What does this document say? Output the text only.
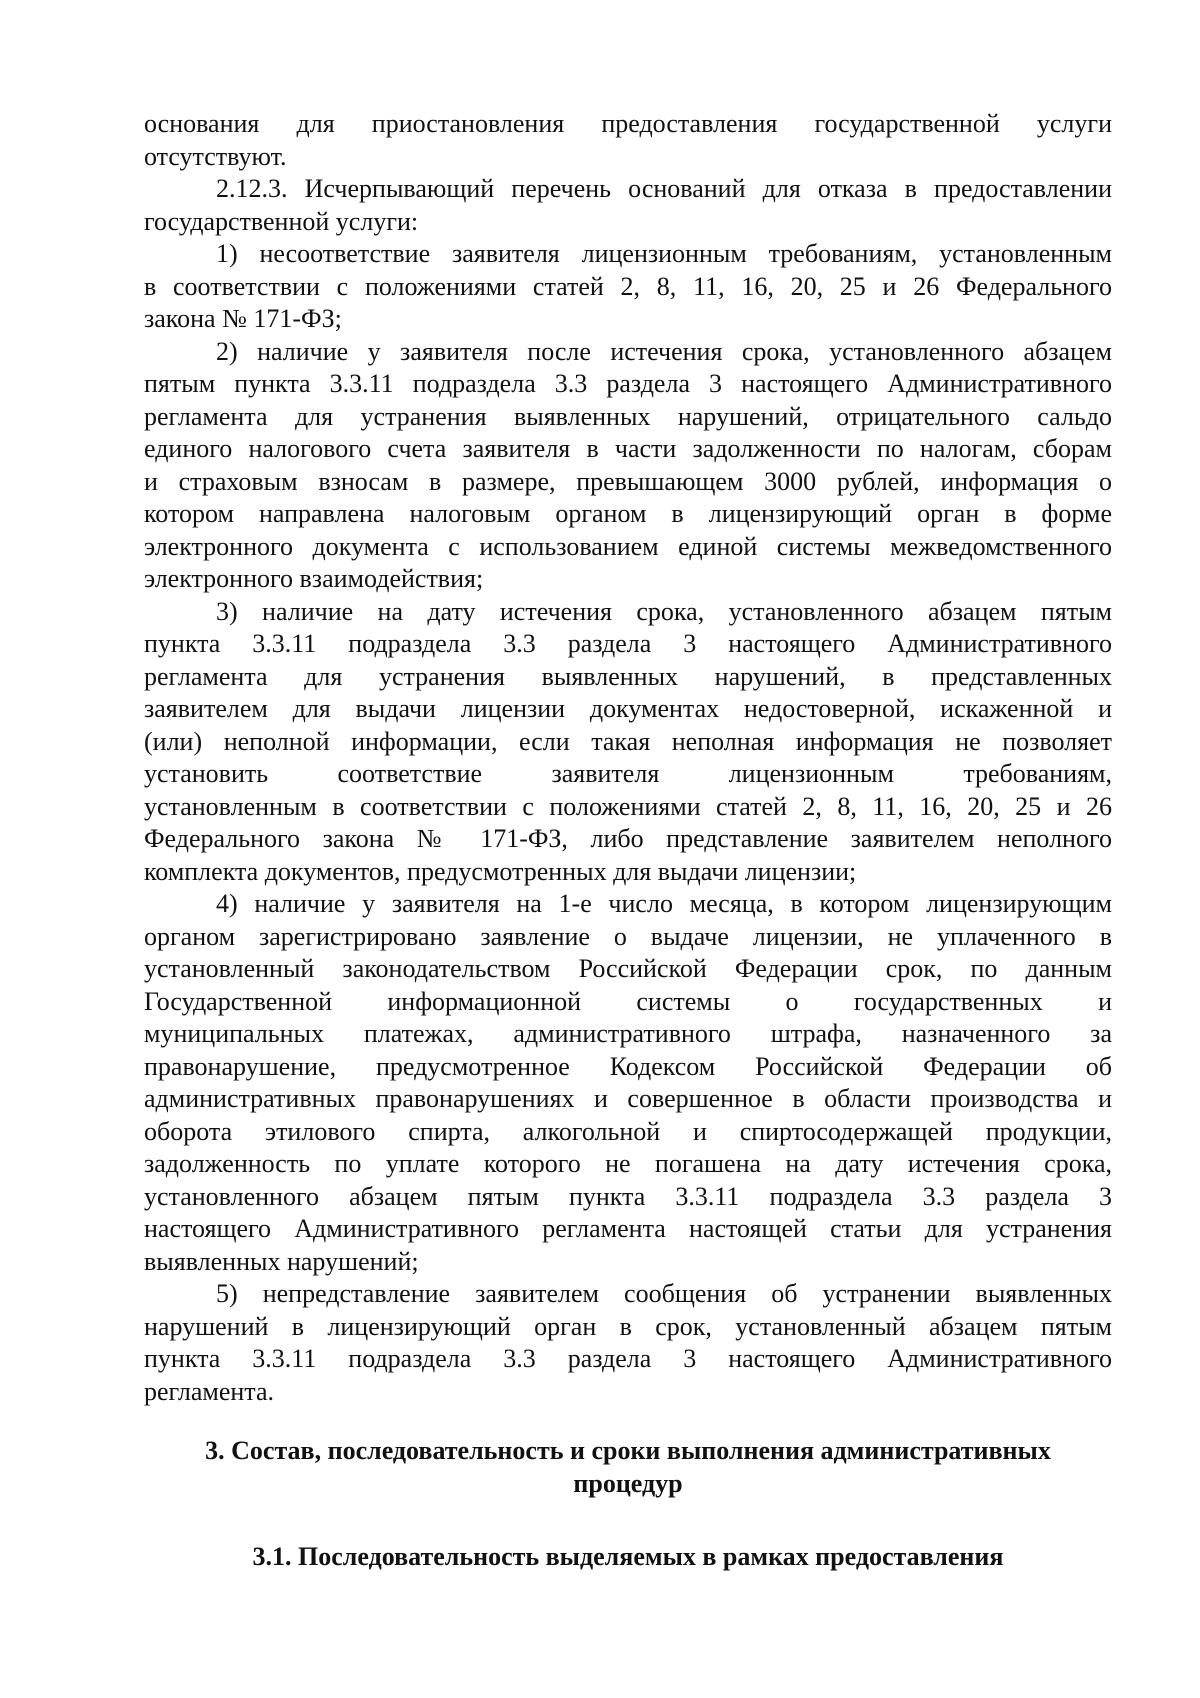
основания для приостановления предоставления государственной услуги
отсутствуют.
2.12.3. Исчерпывающий перечень оснований для отказа в предоставлении
государственной услуги:
1) несоответствие заявителя лицензионным требованиям, установленным
в соответствии с положениями статей 2, 8, 11, 16, 20, 25 и 26 Федерального
закона № 171-ФЗ;
2) наличие у заявителя после истечения срока, установленного абзацем
пятым пункта 3.3.11 подраздела 3.3 раздела 3 настоящего Административного
регламента для устранения выявленных нарушений, отрицательного сальдо
единого налогового счета заявителя в части задолженности по налогам, сборам
и страховым взносам в размере, превышающем 3000 рублей, информация о
котором направлена налоговым органом в лицензирующий орган в форме
электронного документа с использованием единой системы межведомственного
электронного взаимодействия;
3) наличие на дату истечения срока, установленного абзацем пятым
пункта 3.3.11 подраздела 3.3 раздела 3 настоящего Административного
регламента для устранения выявленных нарушений, в представленных
заявителем для выдачи лицензии документах недостоверной, искаженной и
(или) неполной информации, если такая неполная информация не позволяет
установить соответствие заявителя лицензионным требованиям,
установленным в соответствии с положениями статей 2, 8, 11, 16, 20, 25 и 26
Федерального закона № 171-ФЗ, либо представление заявителем неполного
комплекта документов, предусмотренных для выдачи лицензии;
4) наличие у заявителя на 1-е число месяца, в котором лицензирующим
органом зарегистрировано заявление о выдаче лицензии, не уплаченного в
установленный законодательством Российской Федерации срок, по данным
Государственной информационной системы о государственных и
муниципальных платежах, административного штрафа, назначенного за
правонарушение, предусмотренное Кодексом Российской Федерации об
административных правонарушениях и совершенное в области производства и
оборота этилового спирта, алкогольной и спиртосодержащей продукции,
задолженность по уплате которого не погашена на дату истечения срока,
установленного абзацем пятым пункта 3.3.11 подраздела 3.3 раздела 3
настоящего Административного регламента настоящей статьи для устранения
выявленных нарушений;
5) непредставление заявителем сообщения об устранении выявленных
нарушений в лицензирующий орган в срок, установленный абзацем пятым
пункта 3.3.11 подраздела 3.3 раздела 3 настоящего Административного
регламента.
3. Состав, последовательность и сроки выполнения административных
процедур
3.1. Последовательность выделяемых в рамках предоставления
